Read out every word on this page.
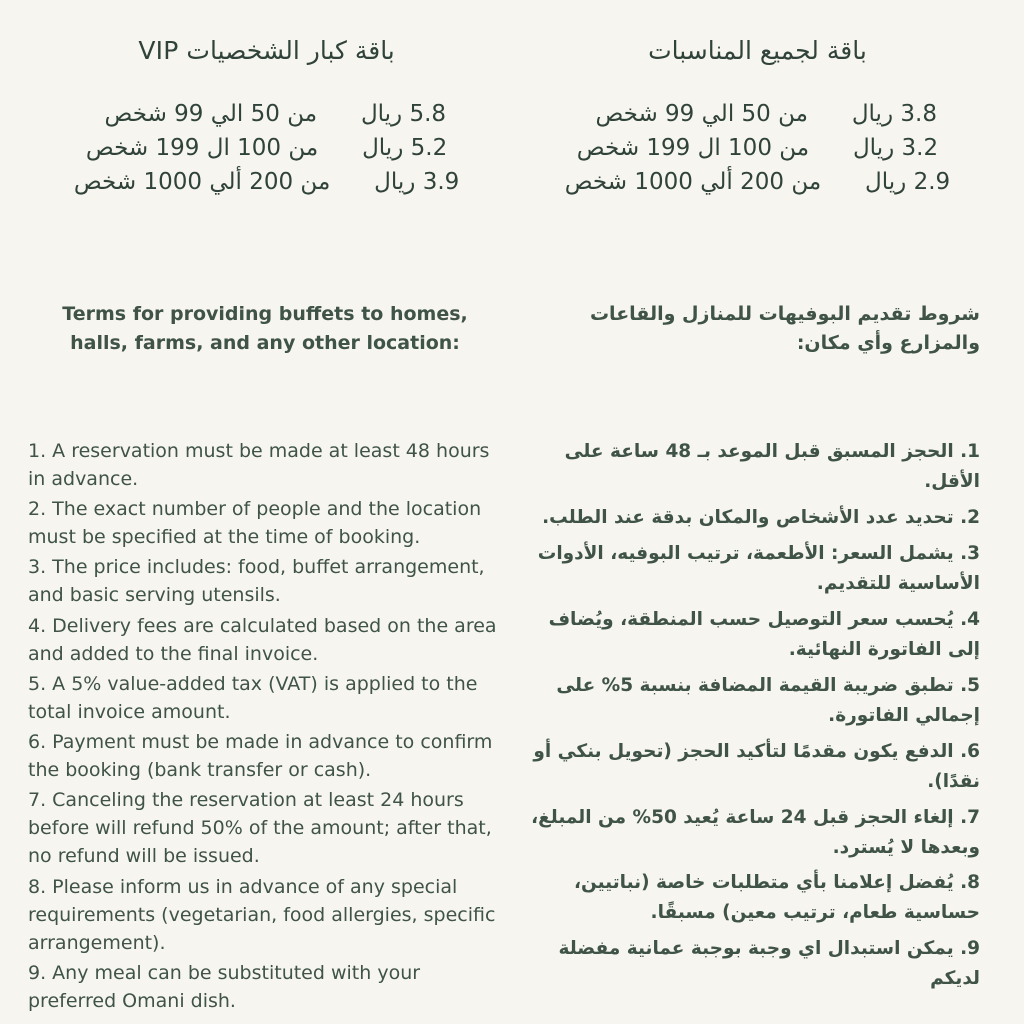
باقة كبار الشخصيات VIP
5.8 ريال
من 50 الي 99 شخص
5.2 ريال
من 100 ال 199 شخص
3.9 ريال
من 200 ألي 1000 شخص
باقة لجميع المناسبات
3.8 ريال
من 50 الي 99 شخص
3.2 ريال
من 100 ال 199 شخص
2.9 ريال
من 200 ألي 1000 شخص
Terms for providing buffets to homes, halls, farms, and any other location:
1. A reservation must be made at least 48 hours in advance.
2. The exact number of people and the location must be specified at the time of booking.
3. The price includes: food, buffet arrangement, and basic serving utensils.
4. Delivery fees are calculated based on the area and added to the final invoice.
5. A 5% value-added tax (VAT) is applied to the total invoice amount.
6. Payment must be made in advance to confirm the booking (bank transfer or cash).
7. Canceling the reservation at least 24 hours before will refund 50% of the amount; after that, no refund will be issued.
8. Please inform us in advance of any special requirements (vegetarian, food allergies, specific arrangement).
9. Any meal can be substituted with your preferred Omani dish.
شروط تقديم البوفيهات للمنازل والقاعات والمزارع وأي مكان:
1. الحجز المسبق قبل الموعد بـ 48 ساعة على الأقل.
2. تحديد عدد الأشخاص والمكان بدقة عند الطلب.
3. يشمل السعر: الأطعمة، ترتيب البوفيه، الأدوات الأساسية للتقديم.
4. يُحسب سعر التوصيل حسب المنطقة، ويُضاف إلى الفاتورة النهائية.
5. تطبق ضريبة القيمة المضافة بنسبة 5% على إجمالي الفاتورة.
6. الدفع يكون مقدمًا لتأكيد الحجز (تحويل بنكي أو نقدًا).
7. إلغاء الحجز قبل 24 ساعة يُعيد 50% من المبلغ، وبعدها لا يُسترد.
8. يُفضل إعلامنا بأي متطلبات خاصة (نباتيين، حساسية طعام، ترتيب معين) مسبقًا.
9. يمكن استبدال اي وجبة بوجبة عمانية مفضلة لديكم
